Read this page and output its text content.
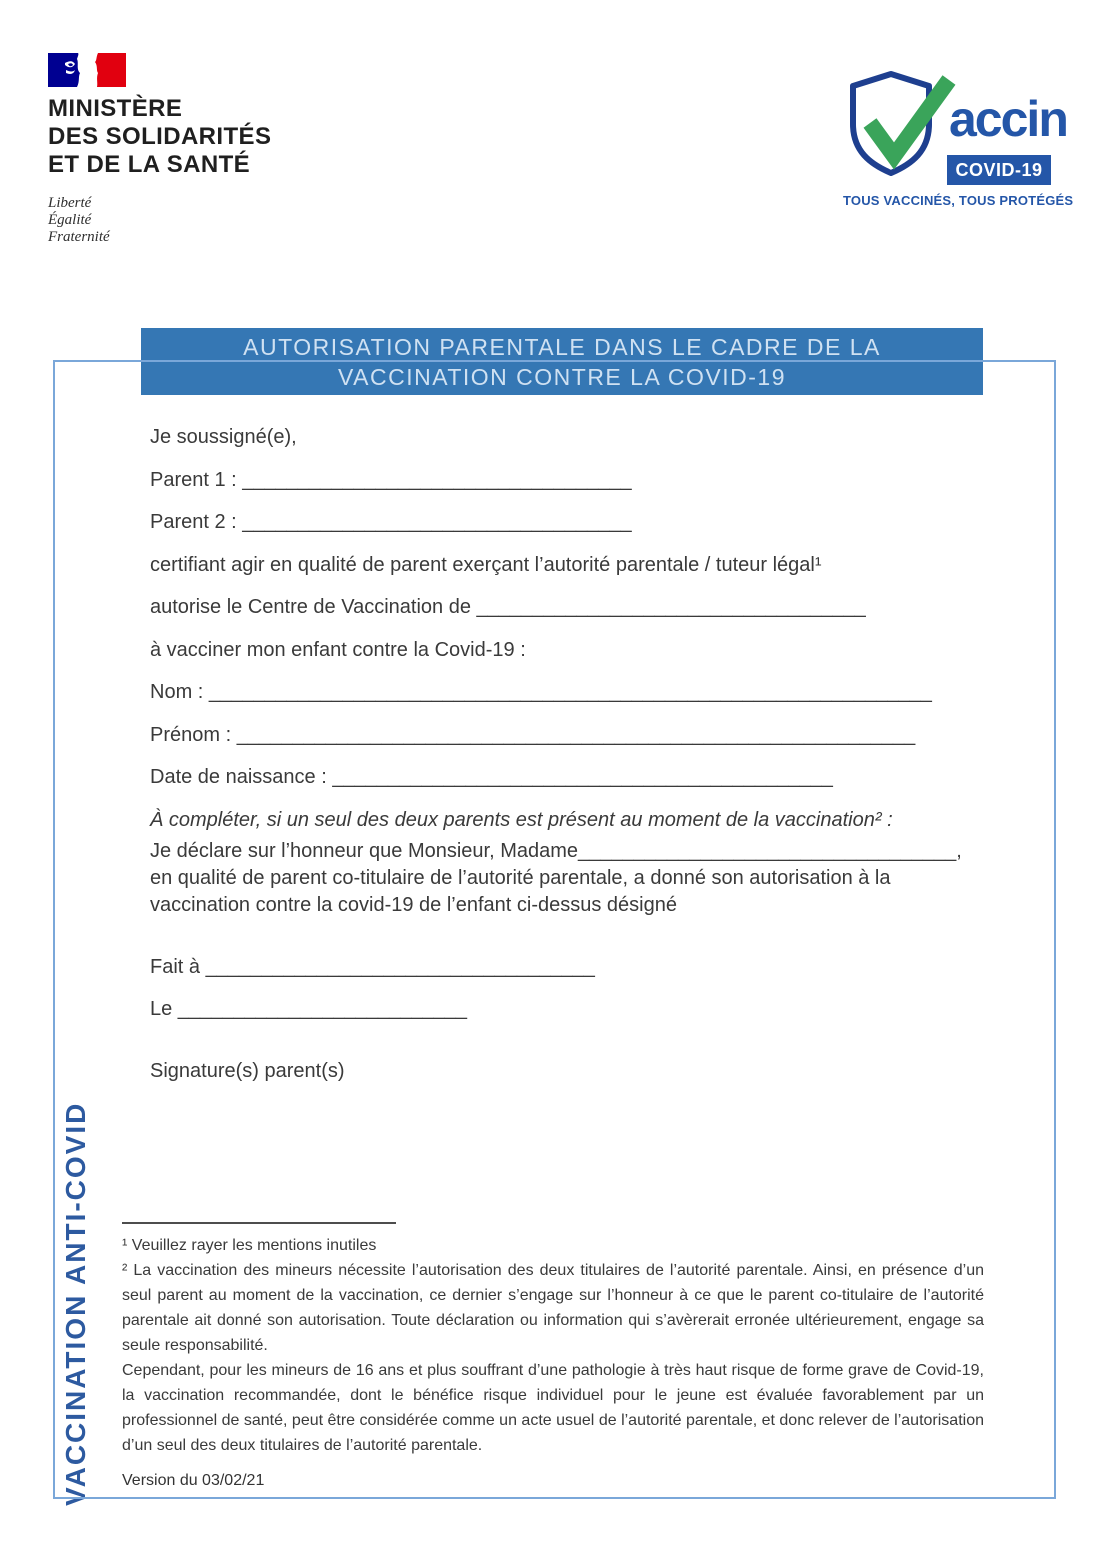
MINISTÈRE
DES SOLIDARITÉS
ET DE LA SANTÉ
Liberté
Égalité
Fraternité
accin
COVID-19
TOUS VACCINÉS, TOUS PROTÉGÉS
AUTORISATION PARENTALE DANS LE CADRE DE LA
VACCINATION CONTRE LA COVID-19
VACCINATION ANTI-COVID

Je soussigné(e),

Parent 1 : ___________________________________

Parent 2 : ___________________________________

certifiant agir en qualité de parent exerçant l’autorité parentale / tuteur légal¹

autorise le Centre de Vaccination de ___________________________________

à vacciner mon enfant contre la Covid-19 :

Nom : _________________________________________________________________

Prénom : _____________________________________________________________

Date de naissance : _____________________________________________

À compléter, si un seul des deux parents est présent au moment de la vaccination² :

Je déclare sur l’honneur que Monsieur, Madame__________________________________, en qualité de parent co-titulaire de l’autorité parentale, a donné son autorisation à la vaccination contre la covid-19 de l’enfant ci-dessus désigné

Fait à ___________________________________

Le __________________________

Signature(s) parent(s)

¹ Veuillez rayer les mentions inutiles

² La vaccination des mineurs nécessite l’autorisation des deux titulaires de l’autorité parentale. Ainsi, en présence d’un seul parent au moment de la vaccination, ce dernier s’engage sur l’honneur à ce que le parent co-titulaire de l’autorité parentale ait donné son autorisation. Toute déclaration ou information qui s’avèrerait erronée ultérieurement, engage sa seule responsabilité.

Cependant, pour les mineurs de 16 ans et plus souffrant d’une pathologie à très haut risque de forme grave de Covid-19, la vaccination recommandée, dont le bénéfice risque individuel pour le jeune est évaluée favorablement par un professionnel de santé, peut être considérée comme un acte usuel de l’autorité parentale, et donc relever de l’autorisation d’un seul des deux titulaires de l’autorité parentale.

Version du 03/02/21
